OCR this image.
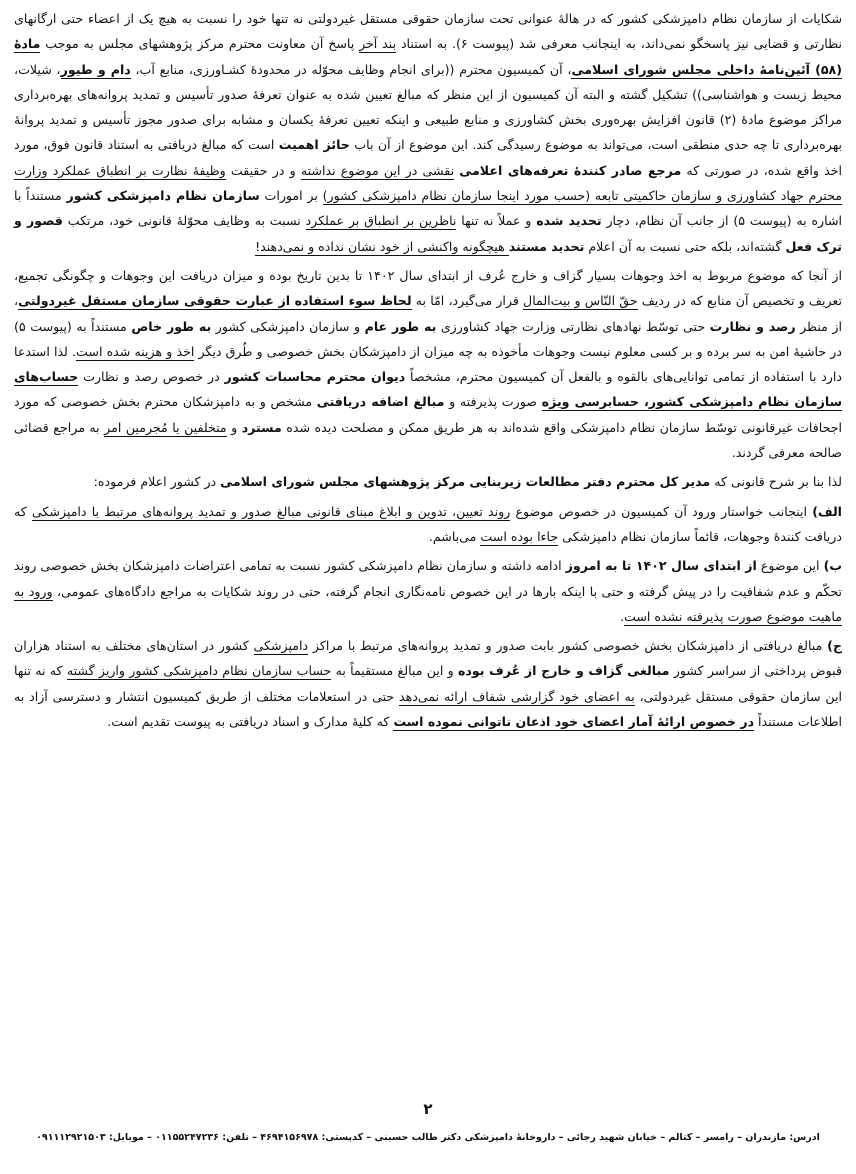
شکایات از سازمان نظام دامپزشکی کشور که در هالهٔ عنوانی تحت سازمان حقوقی مستقل غیردولتی نه تنها خود را نسبت به هیچ یک از اعضاء حتی ارگانهای نظارتی و قضایی نیز پاسخگو نمی‌داند، به اینجانب معرفی شد (پیوست ۶). به استناد بند آخر پاسخ آن معاونت محترم مرکز پژوهشهای مجلس به موجب مادهٔ (۵۸) آئین‌نامهٔ داخلی مجلس شورای اسلامی، آن کمیسیون محترم ((برای انجام وظایف محوّله در محدودهٔ کشـاورزی، منابع آب، دام و طیور، شیلات، محیط زیست و هواشناسی)) تشکیل گشته و البته آن کمیسیون از این منظر که مبالغ تعیین شده به عنوان تعرفهٔ صدور تأسیس و تمدید پروانه‌های بهره‌برداری مراکز موضوع مادهٔ (۲) قانون افزایش بهره‌وری بخش کشاورزی و منابع طبیعی و اینکه تعیین تعرفهٔ یکسان و مشابه برای صدور مجوز تأسیس و تمدید پروانهٔ بهره‌برداری تا چه حدی منطقی است، می‌تواند به موضوع رسیدگی کند. این موضوع از آن باب حائز اهمیت است که مبالغ دریافتی به استناد قانون فوق، مورد اخذ واقع شده، در صورتی که مرجع صادر کنندهٔ تعرفه‌های اعلامی نقشی در این موضوع نداشته و در حقیقت وظیفهٔ نظارت بر انطباق عملکرد وزارت محترم جهاد کشاورزی و سازمان حاکمیتی تابعه (حسب مورد اینجا سازمان نظام دامپزشکی کشور) بر امورات سازمان نظام دامپزشکی کشور مستنداً با اشاره به (پیوست ۵) از جانب آن نظام، دچار تحدید شده و عملاً نه تنها ناظرین بر انطباق بر عملکرد نسبت به وظایف محوّلهٔ قانونی خود، مرتکب قصور و ترک فعل گشته‌اند، بلکه حتی نسبت به آن اعلام تحدید مستند هیچگونه واکنشی از خود نشان نداده و نمی‌دهند!

از آنجا که موضوع مربوط به اخذ وجوهات بسیار گزاف و خارج عُرف از ابتدای سال ۱۴۰۲ تا بدین تاریخ بوده و میزان دریافت این وجوهات و چگونگی تجمیع، تعریف و تخصیص آن منابع که در ردیف حقّ النّاس و بیت‌المال قرار می‌گیرد، امّا به لحاظ سوء استفاده از عبارت حقوقی سازمان مستقل غیردولتی، از منظر رصد و نظارت حتی توسّط نهادهای نظارتی وزارت جهاد کشاورزی به طور عام و سازمان دامپزشکی کشور به طور خاص مستنداً به (پیوست ۵) در حاشیهٔ امن به سر برده و بر کسی معلوم نیست وجوهات مأخوذه به چه میزان از دامپزشکان بخش خصوصی و طُرق دیگر اخذ و هزینه شده است. لذا استدعا دارد با استفاده از تمامی توانایی‌های بالقوه و بالفعل آن کمیسیون محترم، مشخصاً دیوان محترم محاسبات کشور در خصوص رصد و نظارت حساب‌های سازمان نظام دامپزشکی کشور، حسابرسی ویژه صورت پذیرفته و مبالغ اضافه دریافتی مشخص و به دامپزشکان محترم بخش خصوصی که مورد اجحافات غیرقانونی توسّط سازمان نظام دامپزشکی واقع شده‌اند به هر طریق ممکن و مصلحت دیده شده مسترد و متخلفین یا مُجرمین امر به مراجع قضائی صالحه معرفی گردند.

لذا بنا بر شرح قانونی که مدیر کل محترم دفتر مطالعات زیربنایی مرکز پژوهشهای مجلس شورای اسلامی در کشور اعلام فرموده:

الف) اینجانب خواستار ورود آن کمیسیون در خصوص موضوع روند تعیین، تدوین و ابلاغ مبنای قانونی مبالغ صدور و تمدید پروانه‌های مرتبط با دامپزشکی که دریافت کنندهٔ وجوهات، قائماً سازمان نظام دامپزشکی جاءا بوده است می‌باشم.

ب) این موضوع از ابتدای سال ۱۴۰۲ تا به امروز ادامه داشته و سازمان نظام دامپزشکی کشور نسبت به تمامی اعتراضات دامپزشکان بخش خصوصی روند تحکّم و عدم شفافیت را در پیش گرفته و حتی با اینکه بارها در این خصوص نامه‌نگاری انجام گرفته، حتی در روند شکایات به مراجع دادگاه‌های عمومی، ورود به ماهیت موضوع صورت پذیرفته نشده است.

ج) مبالغ دریافتی از دامپزشکان بخش خصوصی کشور بابت صدور و تمدید پروانه‌های مرتبط با مراکز دامپزشکی کشور در استان‌های مختلف به استناد هزاران قبوض پرداختی از سراسر کشور مبالغی گزاف و خارج از عُرف بوده و این مبالغ مستقیماً به حساب سازمان نظام دامپزشکی کشور واریز گشته که نه تنها این سازمان حقوقی مستقل غیردولتی، به اعضای خود گزارشی شفاف ارائه نمی‌دهد حتی در استعلامات مختلف از طریق کمیسیون انتشار و دسترسی آزاد به اطلاعات مستنداً در خصوص ارائهٔ آمار اعضای خود اذعان ناتوانی نموده است که کلیهٔ مدارک و اسناد دریافتی به پیوست تقدیم است.

۲
آدرس: مازندران – رامسر – کتالم – خیابان شهید رجائی – داروخانهٔ دامپزشکی دکتر طالب حسینی – کدپستی: ۴۶۹۴۱۵۶۹۷۸ – تلفن: ۰۱۱۵۵۲۴۷۲۳۶ – موبایل: ۰۹۱۱۱۲۹۲۱۵۰۳
